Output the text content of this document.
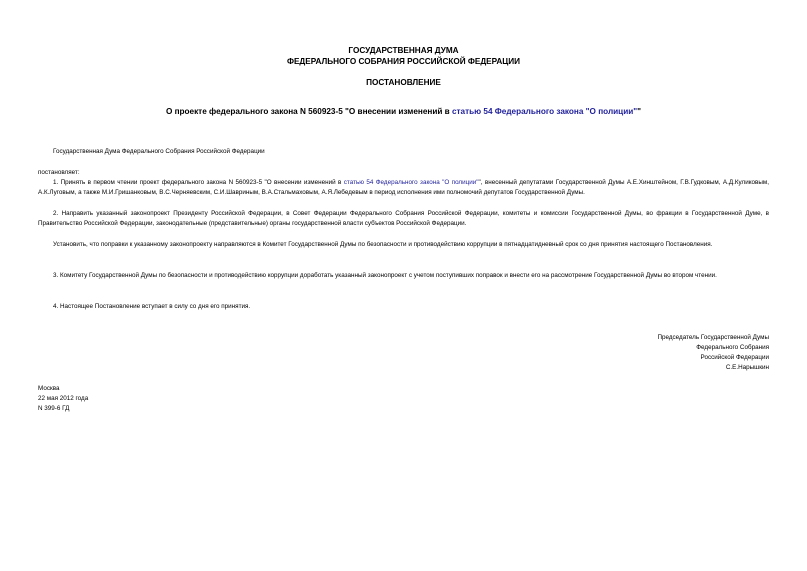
ГОСУДАРСТВЕННАЯ ДУМА
ФЕДЕРАЛЬНОГО СОБРАНИЯ РОССИЙСКОЙ ФЕДЕРАЦИИ
ПОСТАНОВЛЕНИЕ
О проекте федерального закона N 560923-5 "О внесении изменений в статью 54 Федерального закона "О полиции""
Государственная Дума Федерального Собрания Российской Федерации
постановляет:
1. Принять в первом чтении проект федерального закона N 560923-5 "О внесении изменений в статью 54 Федерального закона "О полиции"", внесенный депутатами Государственной Думы А.Е.Хинштейном, Г.В.Гудковым, А.Д.Куликовым, А.К.Луговым, а также М.И.Гришанковым, В.С.Черняевским, С.И.Шавриным, В.А.Стальмаховым, А.Я.Лебедевым в период исполнения ими полномочий депутатов Государственной Думы.
2. Направить указанный законопроект Президенту Российской Федерации, в Совет Федерации Федерального Собрания Российской Федерации, комитеты и комиссии Государственной Думы, во фракции в Государственной Думе, в Правительство Российской Федерации, законодательные (представительные) органы государственной власти субъектов Российской Федерации.
Установить, что поправки к указанному законопроекту направляются в Комитет Государственной Думы по безопасности и противодействию коррупции в пятнадцатидневный срок со дня принятия настоящего Постановления.
3. Комитету Государственной Думы по безопасности и противодействию коррупции доработать указанный законопроект с учетом поступивших поправок и внести его на рассмотрение Государственной Думы во втором чтении.
4. Настоящее Постановление вступает в силу со дня его принятия.
Председатель Государственной Думы
Федерального Собрания
Российской Федерации
С.Е.Нарышкин
Москва
22 мая 2012 года
N 399-6 ГД
